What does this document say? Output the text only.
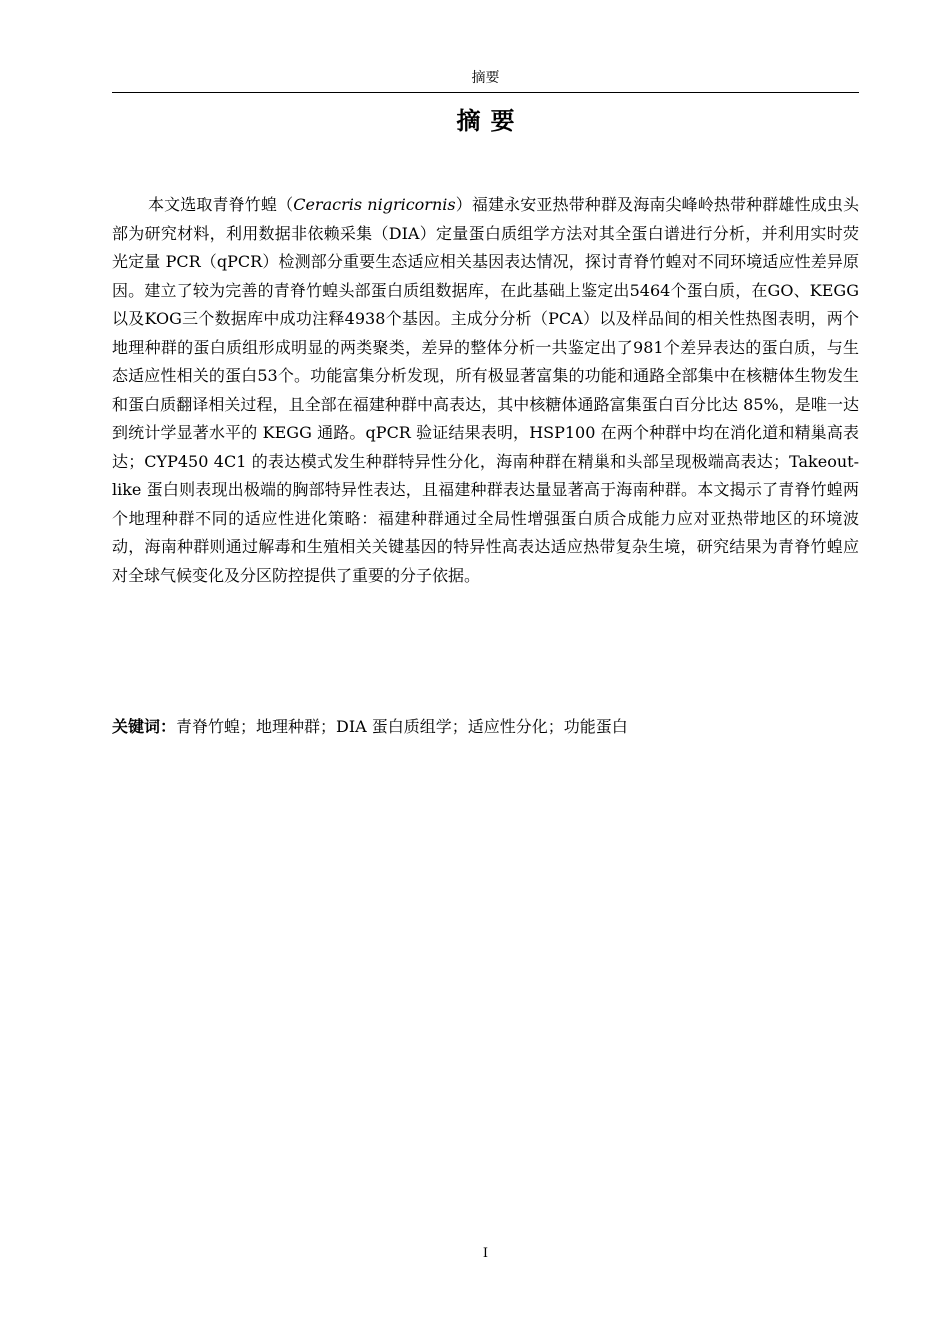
摘要
摘要

本文选取青脊竹蝗（Ceracris nigricornis）福建永安亚热带种群及海南尖峰岭热带种群雄性成虫头部为研究材料，利用数据非依赖采集（DIA）定量蛋白质组学方法对其全蛋白谱进行分析，并利用实时荧光定量 PCR（qPCR）检测部分重要生态适应相关基因表达情况，探讨青脊竹蝗对不同环境适应性差异原因。建立了较为完善的青脊竹蝗头部蛋白质组数据库，在此基础上鉴定出5464个蛋白质，在GO、KEGG以及KOG三个数据库中成功注释4938个基因。主成分分析（PCA）以及样品间的相关性热图表明，两个地理种群的蛋白质组形成明显的两类聚类，差异的整体分析一共鉴定出了981个差异表达的蛋白质，与生态适应性相关的蛋白53个。功能富集分析发现，所有极显著富集的功能和通路全部集中在核糖体生物发生和蛋白质翻译相关过程，且全部在福建种群中高表达，其中核糖体通路富集蛋白百分比达 85%，是唯一达到统计学显著水平的 KEGG 通路。qPCR 验证结果表明，HSP100 在两个种群中均在消化道和精巢高表达；CYP450 4C1 的表达模式发生种群特异性分化，海南种群在精巢和头部呈现极端高表达；Takeout-like 蛋白则表现出极端的胸部特异性表达，且福建种群表达量显著高于海南种群。本文揭示了青脊竹蝗两个地理种群不同的适应性进化策略：福建种群通过全局性增强蛋白质合成能力应对亚热带地区的环境波动，海南种群则通过解毒和生殖相关关键基因的特异性高表达适应热带复杂生境，研究结果为青脊竹蝗应对全球气候变化及分区防控提供了重要的分子依据。

关键词：青脊竹蝗；地理种群；DIA 蛋白质组学；适应性分化；功能蛋白

I
